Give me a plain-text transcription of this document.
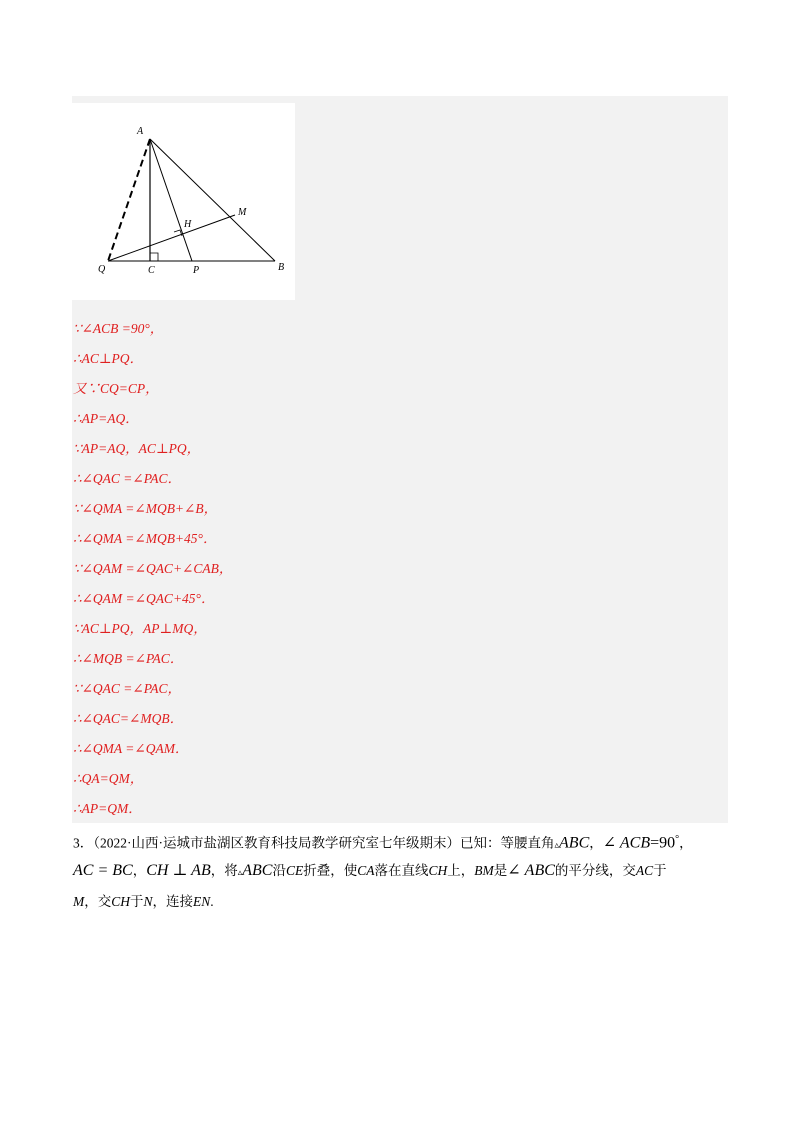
A
M
H
Q	C	P	B
∵∠ACB =90°，
∴AC⊥PQ．
又∵CQ=CP，
∴AP=AQ．
∵AP=AQ，AC⊥PQ，
∴∠QAC =∠PAC．
∵∠QMA =∠MQB+∠B，
∴∠QMA =∠MQB+45°．
∵∠QAM =∠QAC+∠CAB，
∴∠QAM =∠QAC+45°．
∵AC⊥PQ，AP⊥MQ，
∴∠MQB =∠PAC．
∵∠QAC =∠PAC，
∴∠QAC=∠MQB．
∴∠QMA =∠QAM．
∴QA=QM，
∴AP=QM．
3．（2022·山西·运城市盐湖区教育科技局教学研究室七年级期末）已知：等腰直角▵ABC，∠ ACB=90°，
AC = BC，CH ⊥ AB，将▵ABC沿CE折叠，使CA落在直线CH上，BM是∠ ABC的平分线，交AC于
M，交CH于N，连接EN.
